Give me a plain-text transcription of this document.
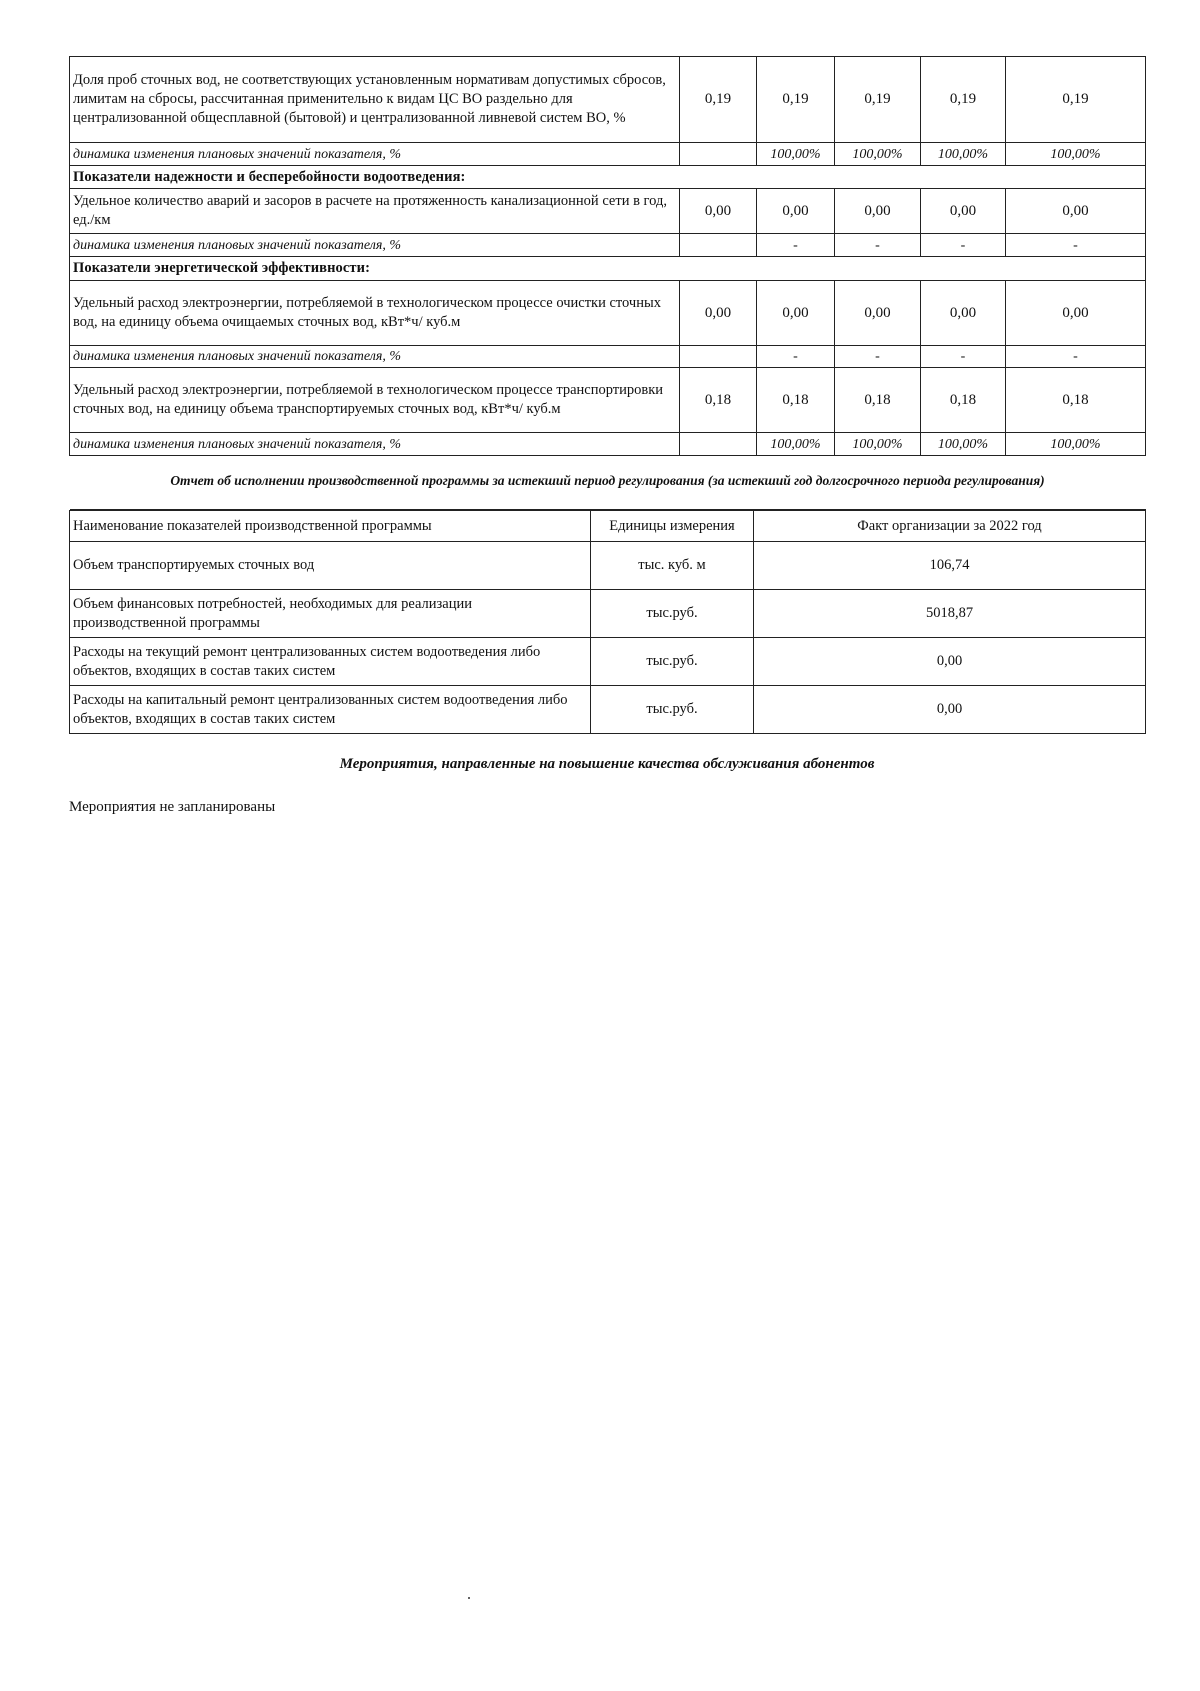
Доля проб сточных вод, не соответствующих установленным нормативам допустимых сбросов, лимитам на сбросы, рассчитанная применительно к видам ЦС ВО раздельно для централизованной общесплавной (бытовой) и централизованной ливневой систем ВО, %	0,19	0,19	0,19	0,19	0,19
динамика изменения плановых значений показателя, %		100,00%	100,00%	100,00%	100,00%
Показатели надежности и бесперебойности водоотведения:					
Удельное количество аварий и засоров в расчете на протяженность канализационной сети в год, ед./км	0,00	0,00	0,00	0,00	0,00
динамика изменения плановых значений показателя, %		-	-	-	-
Показатели энергетической эффективности:					
Удельный расход электроэнергии, потребляемой в технологическом процессе очистки сточных вод, на единицу объема очищаемых сточных вод, кВт*ч/ куб.м	0,00	0,00	0,00	0,00	0,00
динамика изменения плановых значений показателя, %		-	-	-	-
Удельный расход электроэнергии, потребляемой в технологическом процессе транспортировки сточных вод, на единицу объема транспортируемых сточных вод, кВт*ч/ куб.м	0,18	0,18	0,18	0,18	0,18
динамика изменения плановых значений показателя, %		100,00%	100,00%	100,00%	100,00%
Отчет об исполнении производственной программы за истекший период регулирования (за истекший год долгосрочного периода регулирования)					
Наименование показателей производственной программы	Единицы измерения	Факт организации за 2022 год
Объем транспортируемых сточных вод	тыс. куб. м	106,74
Объем финансовых потребностей, необходимых для реализации производственной программы	тыс.руб.	5018,87
Расходы на текущий ремонт централизованных систем водоотведения либо объектов, входящих в состав таких систем	тыс.руб.	0,00
Расходы на капитальный ремонт централизованных систем водоотведения либо объектов, входящих в состав таких систем	тыс.руб.	0,00
Мероприятия, направленные на повышение качества обслуживания абонентов
Мероприятия не запланированы
